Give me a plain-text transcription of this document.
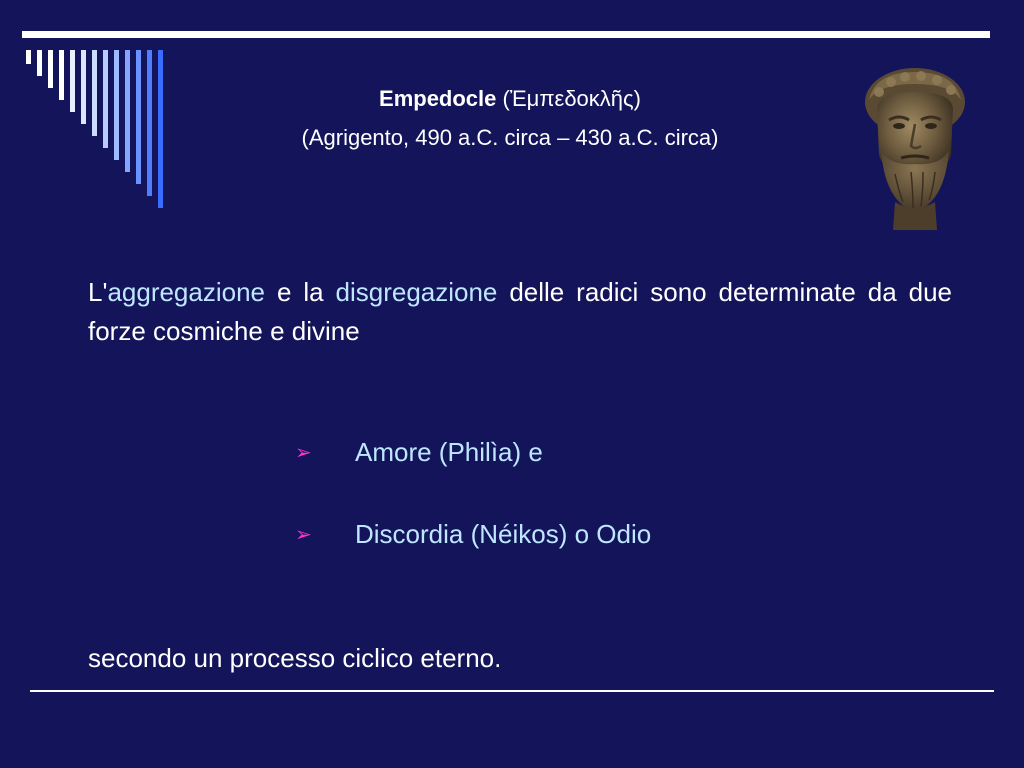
Empedocle (Ἐμπεδοκλῆς)
(Agrigento, 490 a.C. circa – 430 a.C. circa)
L'aggregazione e la disgregazione delle radici sono determinate da due forze cosmiche e divine
➢ Amore (Philìa) e
➢ Discordia (Néikos) o Odio
secondo un processo ciclico eterno.
